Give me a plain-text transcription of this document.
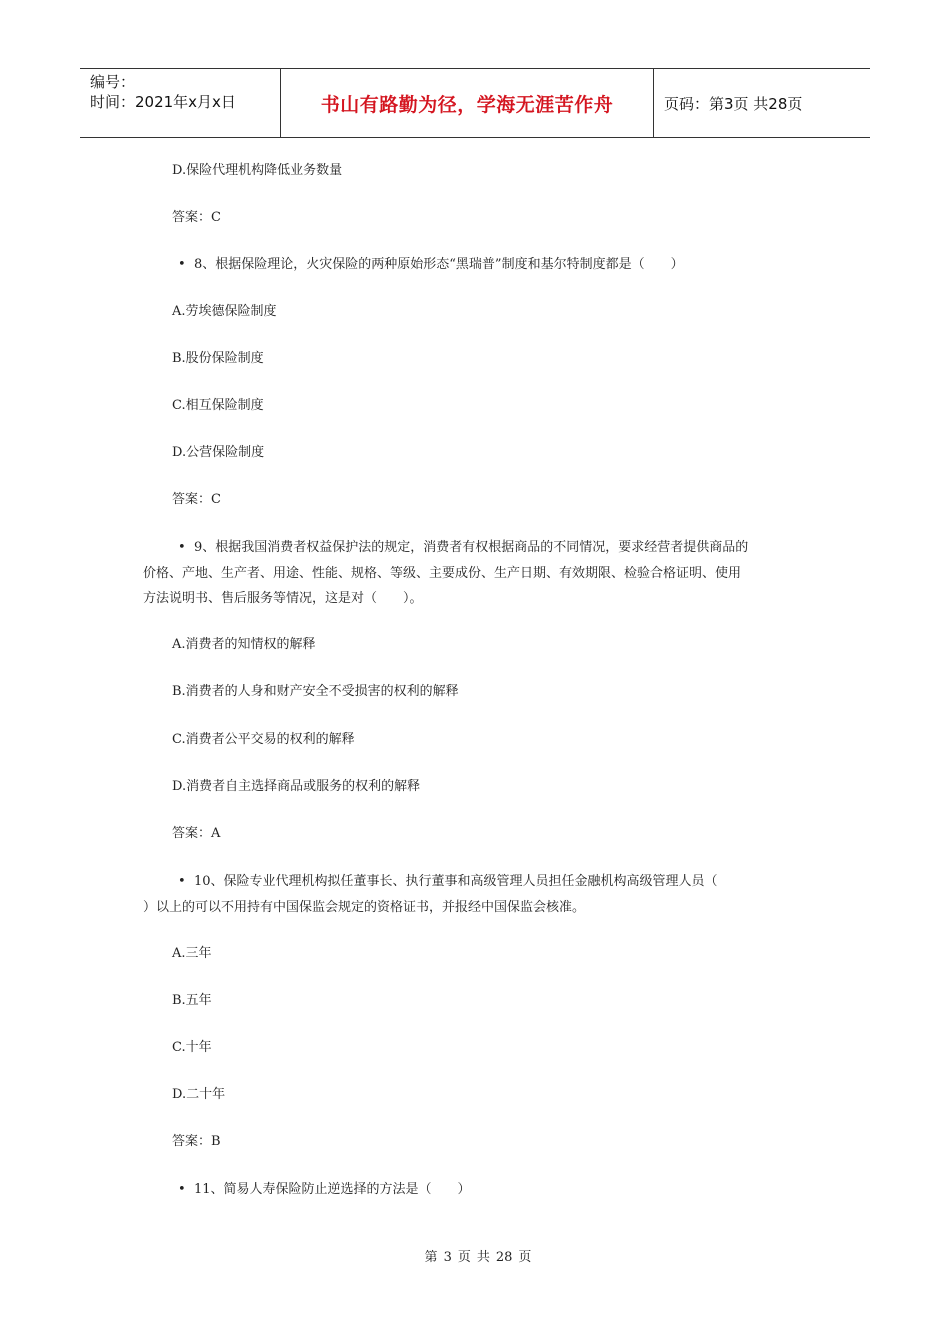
编号：
时间：2021年x月x日	书山有路勤为径，学海无涯苦作舟	页码：第3页 共28页
D.保险代理机构降低业务数量
答案：C
• 8、根据保险理论，火灾保险的两种原始形态“黑瑞普”制度和基尔特制度都是（　　）
A.劳埃德保险制度
B.股份保险制度
C.相互保险制度
D.公营保险制度
答案：C
• 9、根据我国消费者权益保护法的规定，消费者有权根据商品的不同情况，要求经营者提供商品的
价格、产地、生产者、用途、性能、规格、等级、主要成份、生产日期、有效期限、检验合格证明、使用
方法说明书、售后服务等情况，这是对（　　）。
A.消费者的知情权的解释
B.消费者的人身和财产安全不受损害的权利的解释
C.消费者公平交易的权利的解释
D.消费者自主选择商品或服务的权利的解释
答案：A
• 10、保险专业代理机构拟任董事长、执行董事和高级管理人员担任金融机构高级管理人员（
）以上的可以不用持有中国保监会规定的资格证书，并报经中国保监会核准。
A.三年
B.五年
C.十年
D.二十年
答案：B
• 11、简易人寿保险防止逆选择的方法是（　　）
第 3 页 共 28 页
